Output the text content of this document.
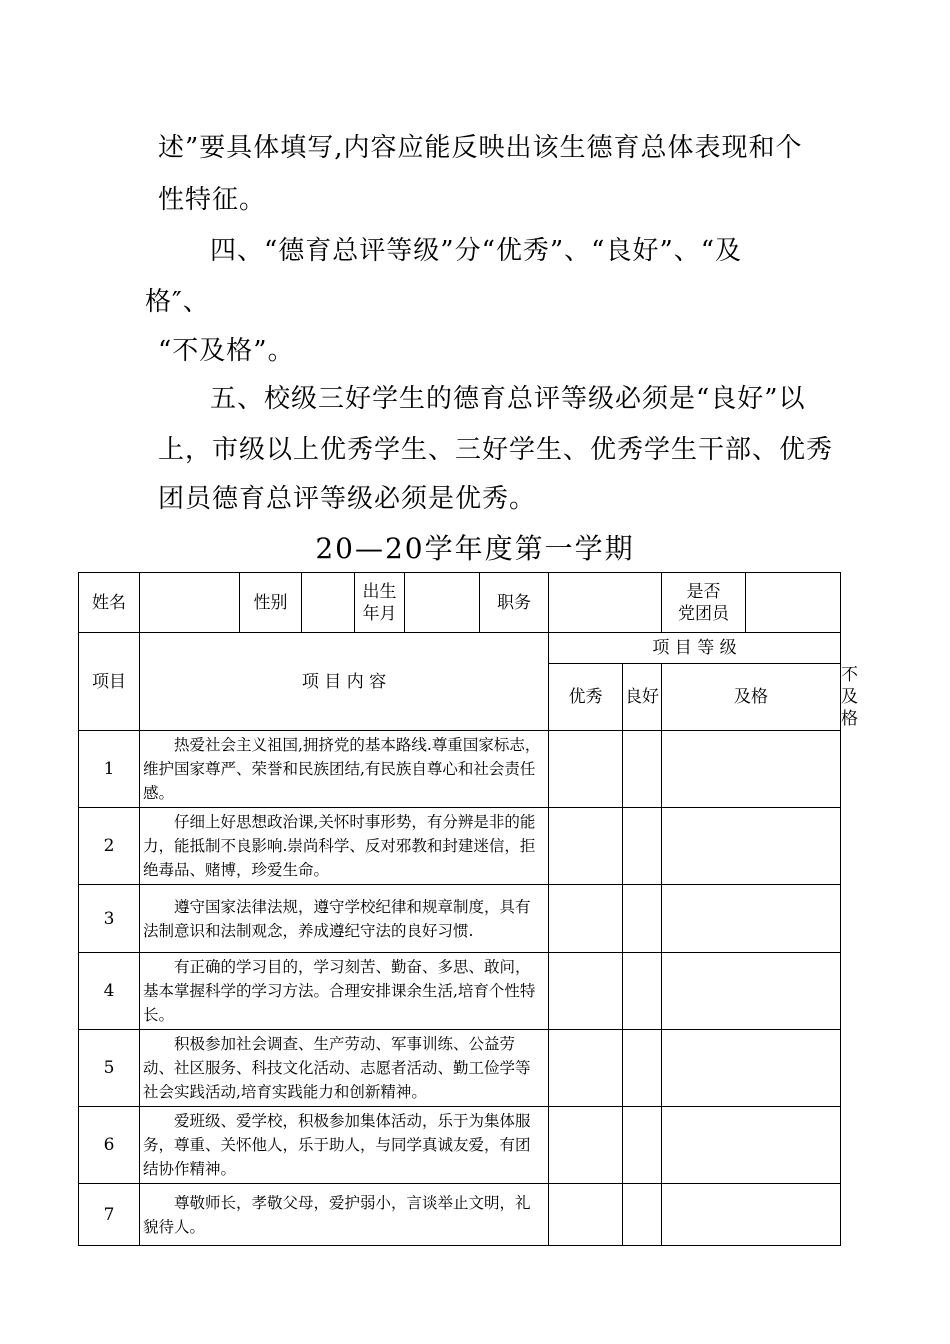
述”要具体填写,内容应能反映出该生德育总体表现和个

性特征。

四、“德育总评等级”分“优秀”、“良好”、“及

格″、

“不及格”。

五、校级三好学生的德育总评等级必须是“良好”以

上，市级以上优秀学生、三好学生、优秀学生干部、优秀

团员德育总评等级必须是优秀。

20—20学年度第一学期
姓名		性别		出生
年月		职务			是否
党团员		

项目	项 目 内 容						项 目 等 级				
							优秀	良好	及格		不及格
1	热爱社会主义祖国,拥挤党的基本路线.尊重国家标志，维护国家尊严、荣誉和民族团结,有民族自尊心和社会责任感。										
2	仔细上好思想政治课,关怀时事形势，有分辨是非的能力，能抵制不良影响.崇尚科学、反对邪教和封建迷信，拒绝毒品、赌博，珍爱生命。										
3	遵守国家法律法规，遵守学校纪律和规章制度，具有法制意识和法制观念，养成遵纪守法的良好习惯.										
4	有正确的学习目的，学习刻苦、勤奋、多思、敢问，基本掌握科学的学习方法。合理安排课余生活,培育个性特长。										
5	积极参加社会调查、生产劳动、军事训练、公益劳动、社区服务、科技文化活动、志愿者活动、勤工俭学等社会实践活动,培育实践能力和创新精神。										
6	爱班级、爱学校，积极参加集体活动，乐于为集体服务，尊重、关怀他人，乐于助人，与同学真诚友爱，有团结协作精神。										
7	尊敬师长，孝敬父母，爱护弱小，言谈举止文明，礼貌待人。										
